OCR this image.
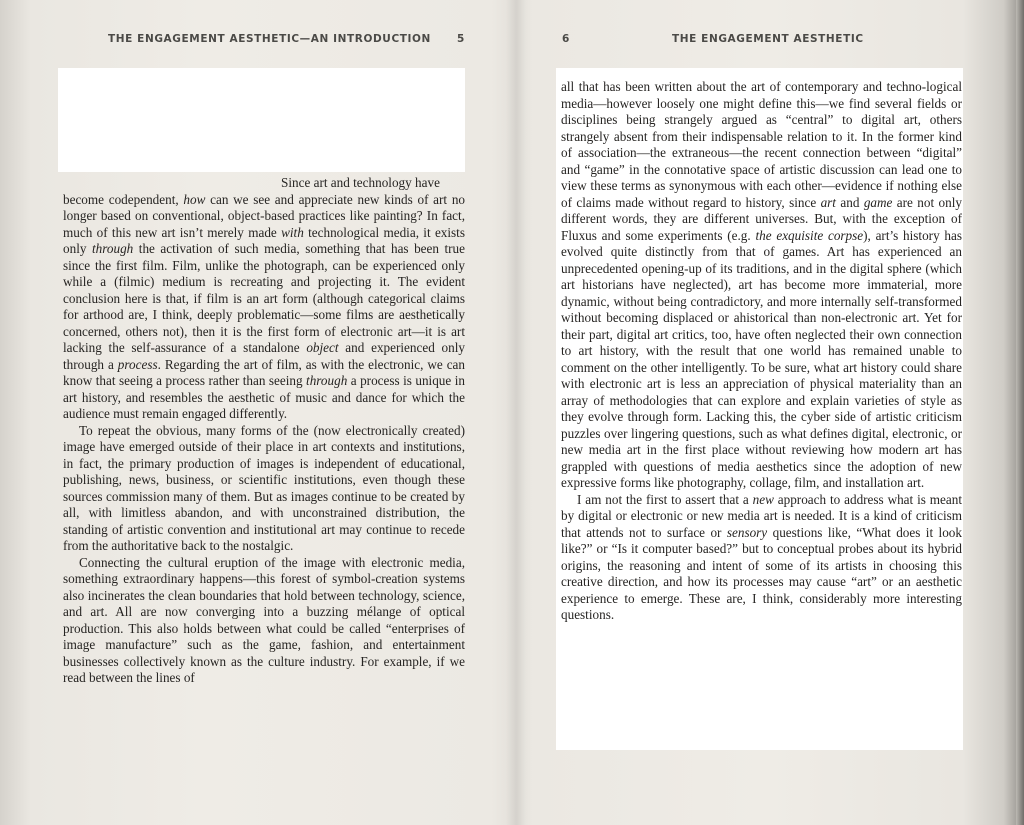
THE ENGAGEMENT AESTHETIC—AN INTRODUCTION 5

Since art and technology have
become codependent, how can we see and appreciate new kinds of art no longer based on conventional, object-based practices like painting? In fact, much of this new art isn’t merely made with technological media, it exists only through the activation of such media, something that has been true since the first film. Film, unlike the photograph, can be experienced only while a (filmic) medium is recreating and projecting it. The evident conclusion here is that, if film is an art form (although categorical claims for arthood are, I think, deeply problematic—some films are aesthetically concerned, others not), then it is the first form of electronic art—it is art lacking the self-assurance of a standalone object and experienced only through a process. Regarding the art of film, as with the electronic, we can know that seeing a process rather than seeing through a process is unique in art history, and resembles the aesthetic of music and dance for which the audience must remain engaged differently.

To repeat the obvious, many forms of the (now electronically created) image have emerged outside of their place in art contexts and institutions, in fact, the primary production of images is independent of educational, publishing, news, business, or scientific institutions, even though these sources commission many of them. But as images continue to be created by all, with limitless abandon, and with unconstrained distribution, the standing of artistic convention and institutional art may continue to recede from the authoritative back to the nostalgic.

Connecting the cultural eruption of the image with electronic media, something extraordinary happens—this forest of symbol-creation systems also incinerates the clean boundaries that hold between technology, science, and art. All are now converging into a buzzing mélange of optical production. This also holds between what could be called “enterprises of image manufacture” such as the game, fashion, and entertainment businesses collectively known as the culture industry. For example, if we read between the lines of

6	THE ENGAGEMENT AESTHETIC

all that has been written about the art of contemporary and techno-logical media—however loosely one might define this—we find several fields or disciplines being strangely argued as “central” to digital art, others strangely absent from their indispensable relation to it. In the former kind of association—the extraneous—the recent connection between “digital” and “game” in the connotative space of artistic discussion can lead one to view these terms as synonymous with each other—evidence if nothing else of claims made without regard to history, since art and game are not only different words, they are different universes. But, with the exception of Fluxus and some experiments (e.g. the exquisite corpse), art’s history has evolved quite distinctly from that of games. Art has experienced an unprecedented opening-up of its traditions, and in the digital sphere (which art historians have neglected), art has become more immaterial, more dynamic, without being contradictory, and more internally self-transformed without becoming displaced or ahistorical than non-electronic art. Yet for their part, digital art critics, too, have often neglected their own connection to art history, with the result that one world has remained unable to comment on the other intelligently. To be sure, what art history could share with electronic art is less an appreciation of physical materiality than an array of methodologies that can explore and explain varieties of style as they evolve through form. Lacking this, the cyber side of artistic criticism puzzles over lingering questions, such as what defines digital, electronic, or new media art in the first place without reviewing how modern art has grappled with questions of media aesthetics since the adoption of new expressive forms like photography, collage, film, and installation art.

I am not the first to assert that a new approach to address what is meant by digital or electronic or new media art is needed. It is a kind of criticism that attends not to surface or sensory questions like, “What does it look like?” or “Is it computer based?” but to conceptual probes about its hybrid origins, the reasoning and intent of some of its artists in choosing this creative direction, and how its processes may cause “art” or an aesthetic experience to emerge. These are, I think, considerably more interesting questions.
